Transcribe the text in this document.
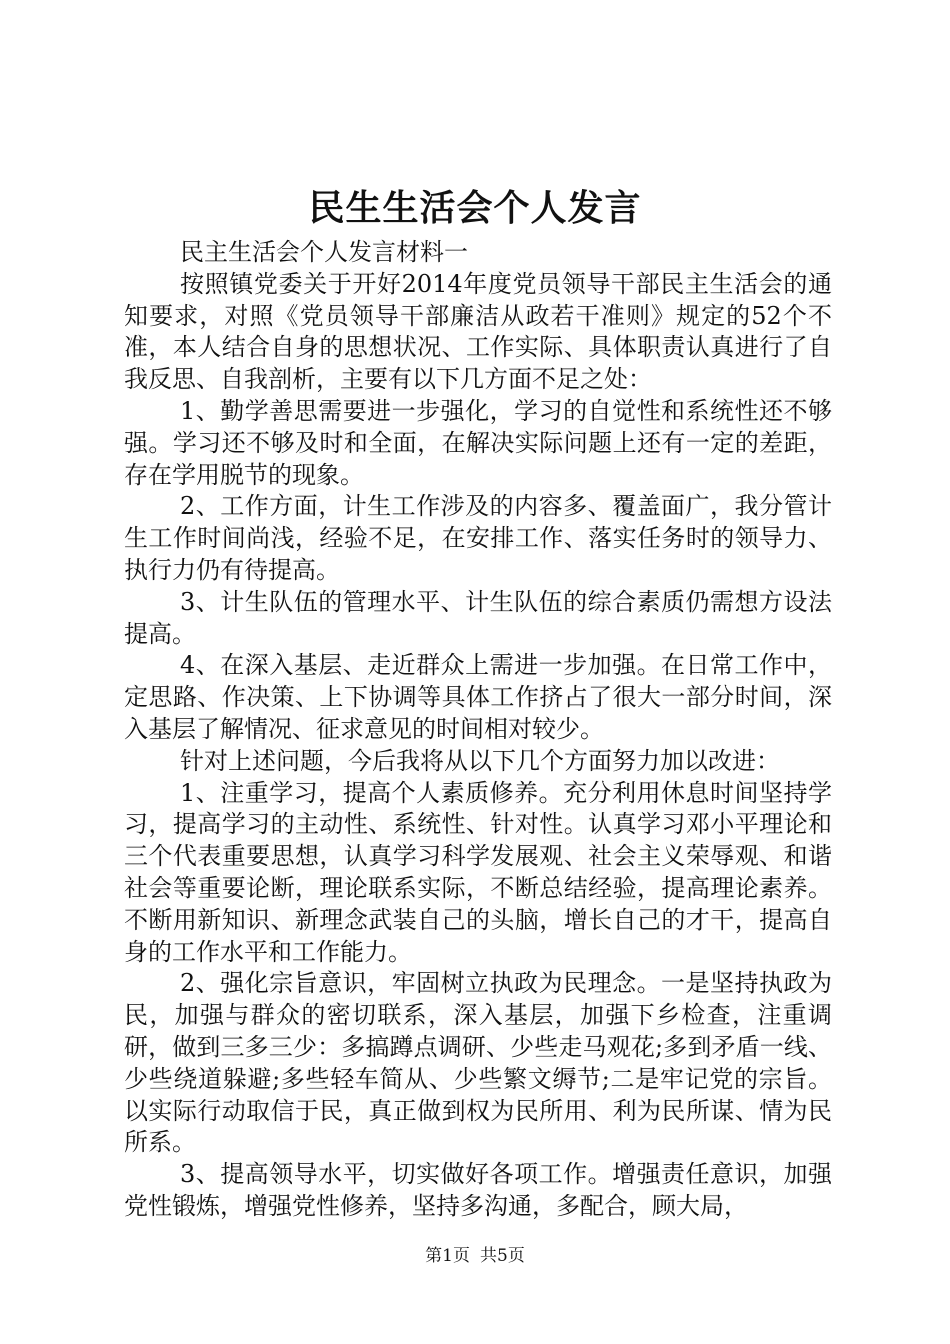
民生生活会个人发言

民主生活会个人发言材料一

按照镇党委关于开好2014年度党员领导干部民主生活会的通知要求，对照《党员领导干部廉洁从政若干准则》规定的52个不准，本人结合自身的思想状况、工作实际、具体职责认真进行了自我反思、自我剖析，主要有以下几方面不足之处：

1、勤学善思需要进一步强化，学习的自觉性和系统性还不够强。学习还不够及时和全面，在解决实际问题上还有一定的差距，存在学用脱节的现象。

2、工作方面，计生工作涉及的内容多、覆盖面广，我分管计生工作时间尚浅，经验不足，在安排工作、落实任务时的领导力、执行力仍有待提高。

3、计生队伍的管理水平、计生队伍的综合素质仍需想方设法提高。

4、在深入基层、走近群众上需进一步加强。在日常工作中，定思路、作决策、上下协调等具体工作挤占了很大一部分时间，深入基层了解情况、征求意见的时间相对较少。

针对上述问题，今后我将从以下几个方面努力加以改进：

1、注重学习，提高个人素质修养。充分利用休息时间坚持学习，提高学习的主动性、系统性、针对性。认真学习邓小平理论和三个代表重要思想，认真学习科学发展观、社会主义荣辱观、和谐社会等重要论断，理论联系实际，不断总结经验，提高理论素养。不断用新知识、新理念武装自己的头脑，增长自己的才干，提高自身的工作水平和工作能力。

2、强化宗旨意识，牢固树立执政为民理念。一是坚持执政为民，加强与群众的密切联系，深入基层，加强下乡检查，注重调研，做到三多三少：多搞蹲点调研、少些走马观花;多到矛盾一线、少些绕道躲避;多些轻车简从、少些繁文缛节;二是牢记党的宗旨。以实际行动取信于民，真正做到权为民所用、利为民所谋、情为民所系。

3、提高领导水平，切实做好各项工作。增强责任意识，加强党性锻炼，增强党性修养，坚持多沟通，多配合，顾大局，

第1页 共5页
